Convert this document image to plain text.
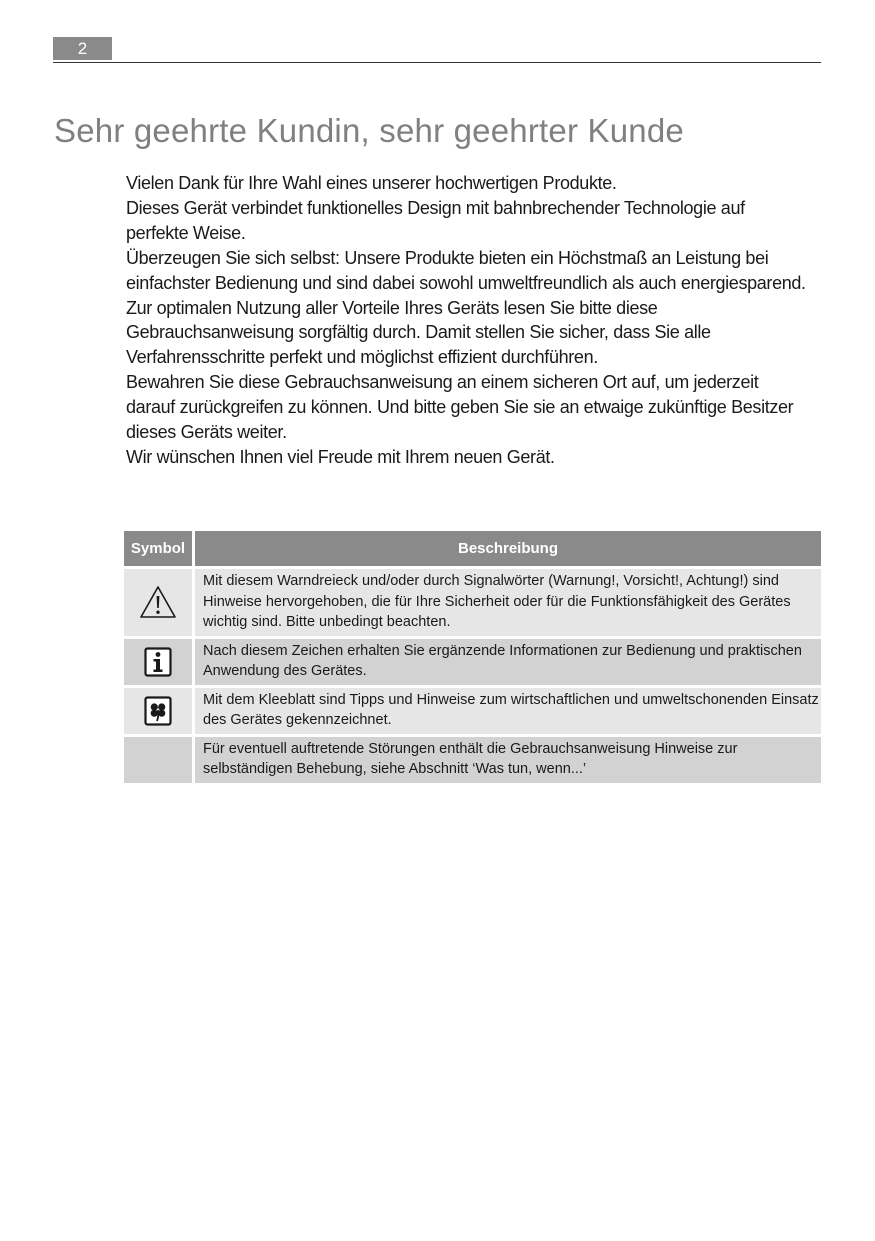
2
Sehr geehrte Kundin, sehr geehrter Kunde

Vielen Dank für Ihre Wahl eines unserer hochwertigen Produkte.

Dieses Gerät verbindet funktionelles Design mit bahnbrechender Technologie auf perfekte Weise.

Überzeugen Sie sich selbst: Unsere Produkte bieten ein Höchstmaß an Leistung bei einfachster Bedienung und sind dabei sowohl umweltfreundlich als auch energiesparend.

Zur optimalen Nutzung aller Vorteile Ihres Geräts lesen Sie bitte diese Gebrauchsanweisung sorgfältig durch. Damit stellen Sie sicher, dass Sie alle Verfahrensschritte perfekt und möglichst effizient durchführen.

Bewahren Sie diese Gebrauchsanweisung an einem sicheren Ort auf, um jederzeit darauf zurückgreifen zu können. Und bitte geben Sie sie an etwaige zukünftige Besitzer dieses Geräts weiter.

Wir wünschen Ihnen viel Freude mit Ihrem neuen Gerät.

Symbol	Beschreibung

	Mit diesem Warndreieck und/oder durch Signalwörter (Warnung!, Vorsicht!, Achtung!) sind Hinweise hervorgehoben, die für Ihre Sicherheit oder für die Funktionsfähigkeit des Gerätes wichtig sind. Bitte unbedingt beachten.

	Nach diesem Zeichen erhalten Sie ergänzende Informationen zur Bedienung und praktischen Anwendung des Gerätes.

	Mit dem Kleeblatt sind Tipps und Hinweise zum wirtschaftlichen und umweltschonenden Einsatz des Gerätes gekennzeichnet.
	Für eventuell auftretende Störungen enthält die Gebrauchsanweisung Hinweise zur selbständigen Behebung, siehe Abschnitt ‘Was tun, wenn...’
